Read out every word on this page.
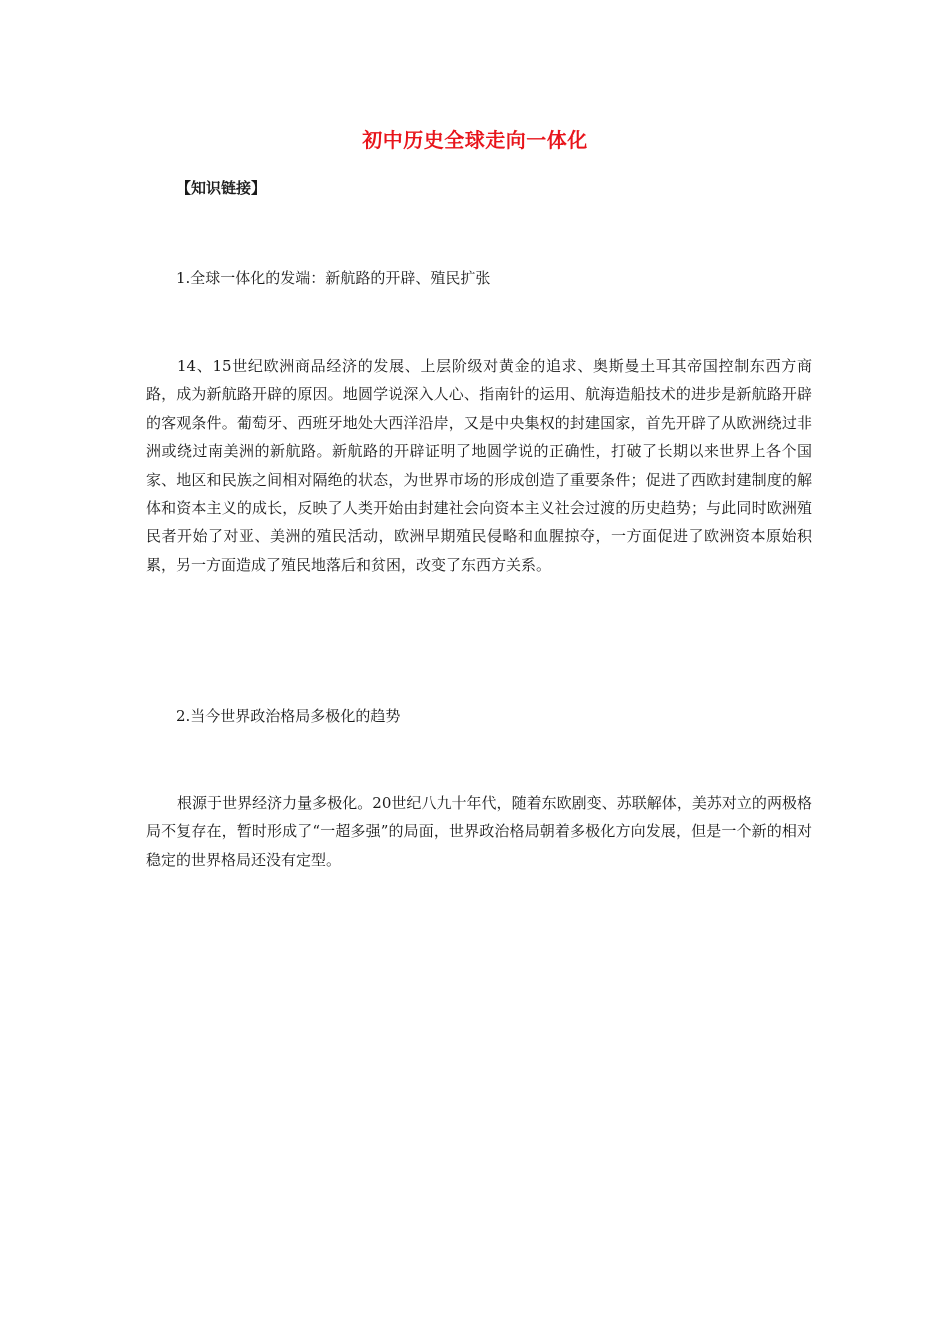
初中历史全球走向一体化
【知识链接】
1.全球一体化的发端：新航路的开辟、殖民扩张

14、15世纪欧洲商品经济的发展、上层阶级对黄金的追求、奥斯曼土耳其帝国控制东西方商路，成为新航路开辟的原因。地圆学说深入人心、指南针的运用、航海造船技术的进步是新航路开辟的客观条件。葡萄牙、西班牙地处大西洋沿岸，又是中央集权的封建国家，首先开辟了从欧洲绕过非洲或绕过南美洲的新航路。新航路的开辟证明了地圆学说的正确性，打破了长期以来世界上各个国家、地区和民族之间相对隔绝的状态，为世界市场的形成创造了重要条件；促进了西欧封建制度的解体和资本主义的成长，反映了人类开始由封建社会向资本主义社会过渡的历史趋势；与此同时欧洲殖民者开始了对亚、美洲的殖民活动，欧洲早期殖民侵略和血腥掠夺，一方面促进了欧洲资本原始积累，另一方面造成了殖民地落后和贫困，改变了东西方关系。

2.当今世界政治格局多极化的趋势

根源于世界经济力量多极化。20世纪八九十年代，随着东欧剧变、苏联解体，美苏对立的两极格局不复存在，暂时形成了“一超多强”的局面，世界政治格局朝着多极化方向发展，但是一个新的相对稳定的世界格局还没有定型。
